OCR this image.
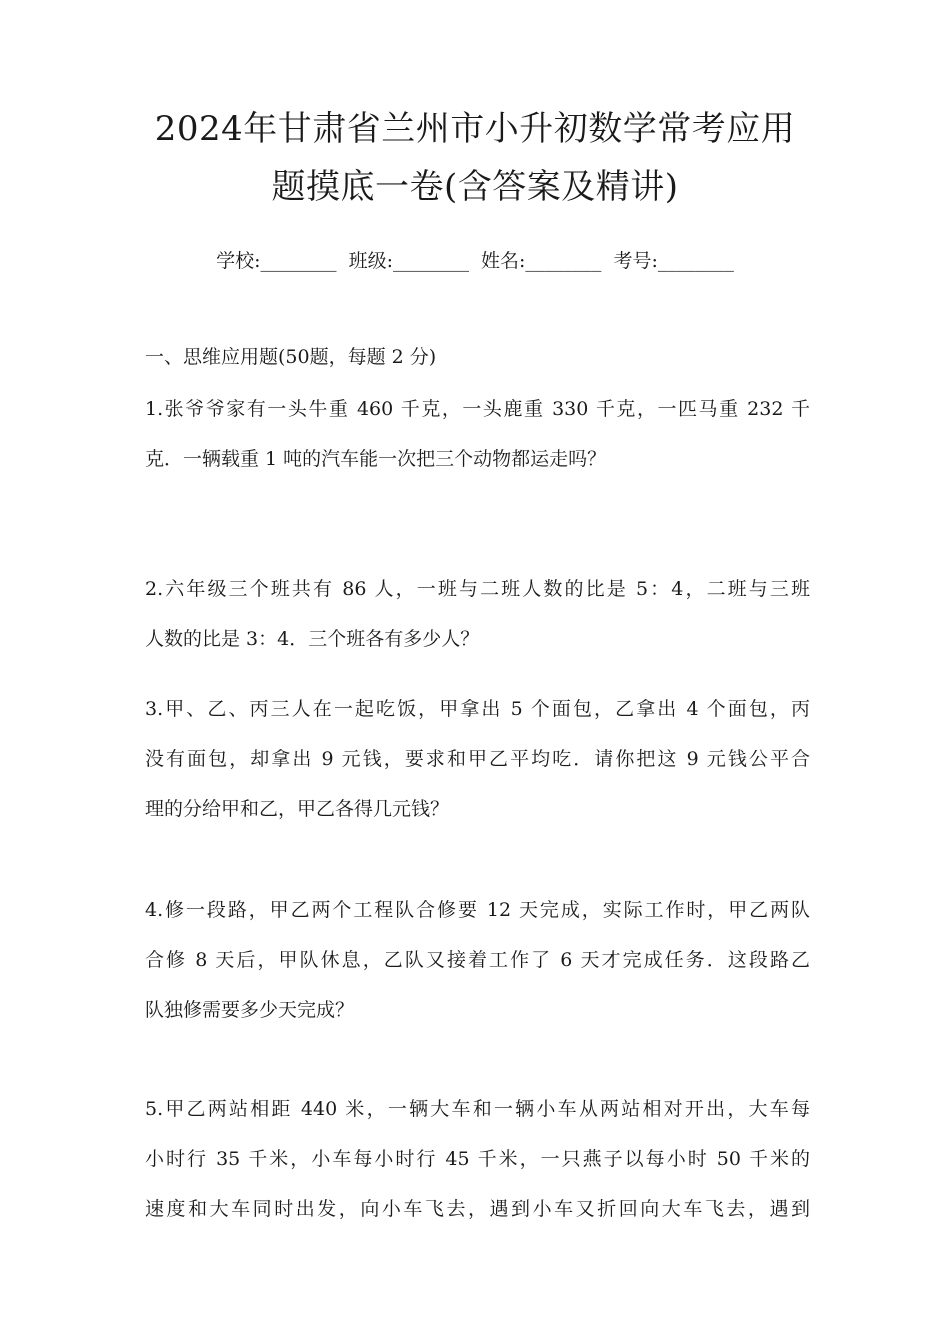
2024年甘肃省兰州市小升初数学常考应用
题摸底一卷(含答案及精讲)
学校:________ 班级:________ 姓名:________ 考号:________
一、思维应用题(50题，每题 2 分)
1.张爷爷家有一头牛重 460 千克，一头鹿重 330 千克，一匹马重 232 千
克．一辆载重 1 吨的汽车能一次把三个动物都运走吗？
2.六年级三个班共有 86 人，一班与二班人数的比是 5：4，二班与三班
人数的比是 3：4．三个班各有多少人？
3.甲、乙、丙三人在一起吃饭，甲拿出 5 个面包，乙拿出 4 个面包，丙
没有面包，却拿出 9 元钱，要求和甲乙平均吃．请你把这 9 元钱公平合
理的分给甲和乙，甲乙各得几元钱？
4.修一段路，甲乙两个工程队合修要 12 天完成，实际工作时，甲乙两队
合修 8 天后，甲队休息，乙队又接着工作了 6 天才完成任务．这段路乙
队独修需要多少天完成？
5.甲乙两站相距 440 米，一辆大车和一辆小车从两站相对开出，大车每
小时行 35 千米，小车每小时行 45 千米，一只燕子以每小时 50 千米的
速度和大车同时出发，向小车飞去，遇到小车又折回向大车飞去，遇到
